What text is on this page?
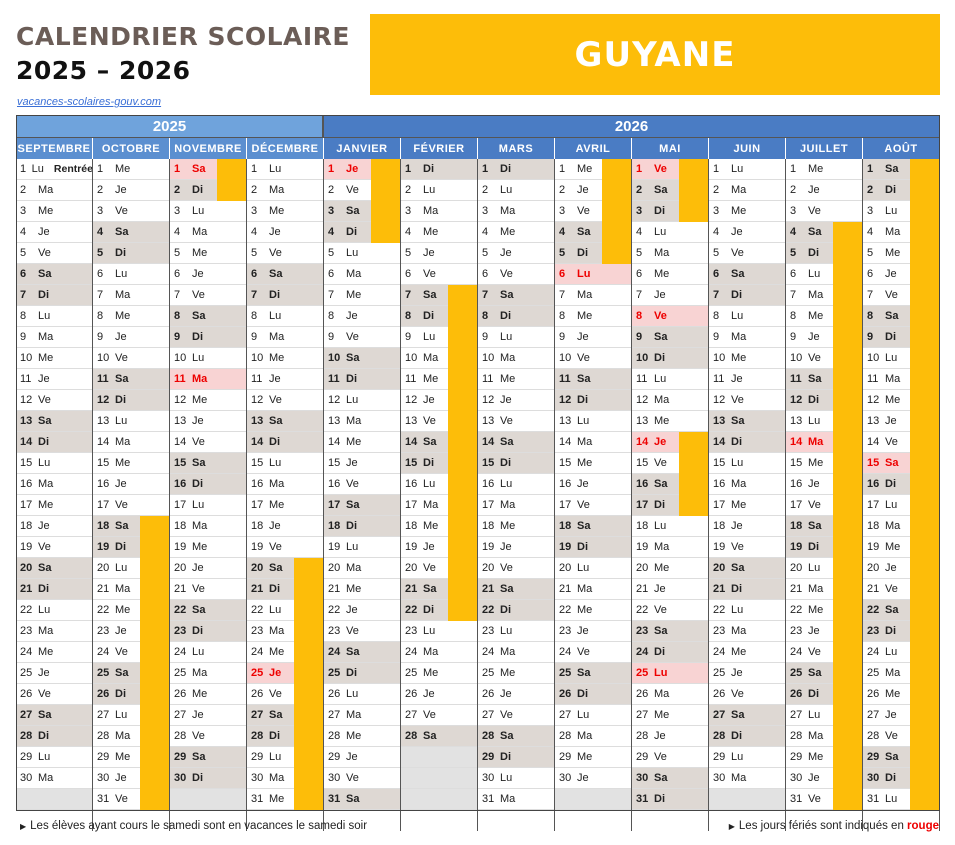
CALENDRIER SCOLAIRE
2025 – 2026
vacances-scolaires-gouv.com
GUYANE
2025	2026
SEPTEMBRE
1 Lu Rentrée
2	Ma
3	Me
4	Je
5	Ve
6	Sa
7	Di
8	Lu
9	Ma
10 Me
11 Je
12 Ve
13 Sa
14 Di
15 Lu
16 Ma
17 Me
18 Je
19 Ve
20 Sa
21 Di
22 Lu
23 Ma
24 Me
25 Je
26 Ve
27 Sa
28 Di
29 Lu
30 Ma
OCTOBRE
1	Me
2	Je
3	Ve
4	Sa
5	Di
6	Lu
7	Ma
8	Me
9	Je
10 Ve
11 Sa
12 Di
13 Lu
14 Ma
15 Me
16 Je
17 Ve
18 Sa
19 Di
20 Lu
21 Ma
22 Me
23 Je
24 Ve
25 Sa
26 Di
27 Lu
28 Ma
29 Me
30 Je
31 Ve
NOVEMBRE
1	Sa
2	Di
3	Lu
4	Ma
5	Me
6	Je
7	Ve
8	Sa
9	Di
10 Lu
11 Ma
12 Me
13 Je
14 Ve
15 Sa
16 Di
17 Lu
18 Ma
19 Me
20 Je
21 Ve
22 Sa
23 Di
24 Lu
25 Ma
26 Me
27 Je
28 Ve
29 Sa
30 Di
DÉCEMBRE
1	Lu
2	Ma
3	Me
4	Je
5	Ve
6	Sa
7	Di
8	Lu
9	Ma
10 Me
11 Je
12 Ve
13 Sa
14 Di
15 Lu
16 Ma
17 Me
18 Je
19 Ve
20 Sa
21 Di
22 Lu
23 Ma
24 Me
25 Je
26 Ve
27 Sa
28 Di
29 Lu
30 Ma
31 Me
JANVIER
1	Je
2	Ve
3	Sa
4	Di
5	Lu
6	Ma
7	Me
8	Je
9	Ve
10 Sa
11 Di
12 Lu
13 Ma
14 Me
15 Je
16 Ve
17 Sa
18 Di
19 Lu
20 Ma
21 Me
22 Je
23 Ve
24 Sa
25 Di
26 Lu
27 Ma
28 Me
29 Je
30 Ve
31 Sa
FÉVRIER
1	Di
2	Lu
3	Ma
4	Me
5	Je
6	Ve
7	Sa
8	Di
9	Lu
10 Ma
11 Me
12 Je
13 Ve
14 Sa
15 Di
16 Lu
17 Ma
18 Me
19 Je
20 Ve
21 Sa
22 Di
23 Lu
24 Ma
25 Me
26 Je
27 Ve
28 Sa
MARS
1	Di
2	Lu
3	Ma
4	Me
5	Je
6	Ve
7	Sa
8	Di
9	Lu
10 Ma
11 Me
12 Je
13 Ve
14 Sa
15 Di
16 Lu
17 Ma
18 Me
19 Je
20 Ve
21 Sa
22 Di
23 Lu
24 Ma
25 Me
26 Je
27 Ve
28 Sa
29 Di
30 Lu
31 Ma
AVRIL
1	Me
2	Je
3	Ve
4	Sa
5	Di
6	Lu
7	Ma
8	Me
9	Je
10 Ve
11 Sa
12 Di
13 Lu
14 Ma
15 Me
16 Je
17 Ve
18 Sa
19 Di
20 Lu
21 Ma
22 Me
23 Je
24 Ve
25 Sa
26 Di
27 Lu
28 Ma
29 Me
30 Je
MAI
1	Ve
2	Sa
3	Di
4	Lu
5	Ma
6	Me
7	Je
8	Ve
9	Sa
10 Di
11 Lu
12 Ma
13 Me
14 Je
15 Ve
16 Sa
17 Di
18 Lu
19 Ma
20 Me
21 Je
22 Ve
23 Sa
24 Di
25 Lu
26 Ma
27 Me
28 Je
29 Ve
30 Sa
31 Di
JUIN
1	Lu
2	Ma
3	Me
4	Je
5	Ve
6	Sa
7	Di
8	Lu
9	Ma
10 Me
11 Je
12 Ve
13 Sa
14 Di
15 Lu
16 Ma
17 Me
18 Je
19 Ve
20 Sa
21 Di
22 Lu
23 Ma
24 Me
25 Je
26 Ve
27 Sa
28 Di
29 Lu
30 Ma
JUILLET
1	Me
2	Je
3	Ve
4	Sa
5	Di
6	Lu
7	Ma
8	Me
9	Je
10 Ve
11 Sa
12 Di
13 Lu
14 Ma
15 Me
16 Je
17 Ve
18 Sa
19 Di
20 Lu
21 Ma
22 Me
23 Je
24 Ve
25 Sa
26 Di
27 Lu
28 Ma
29 Me
30 Je
31 Ve
AOÛT
1	Sa
2	Di
3	Lu
4	Ma
5	Me
6	Je
7	Ve
8	Sa
9	Di
10 Lu
11 Ma
12 Me
13 Je
14 Ve
15 Sa
16 Di
17 Lu
18 Ma
19 Me
20 Je
21 Ve
22 Sa
23 Di
24 Lu
25 Ma
26 Me
27 Je
28 Ve
29 Sa
30 Di
31 Lu
▶ Les élèves ayant cours le samedi sont en vacances le samedi soir	▶ Les jours fériés sont indiqués en rouge
